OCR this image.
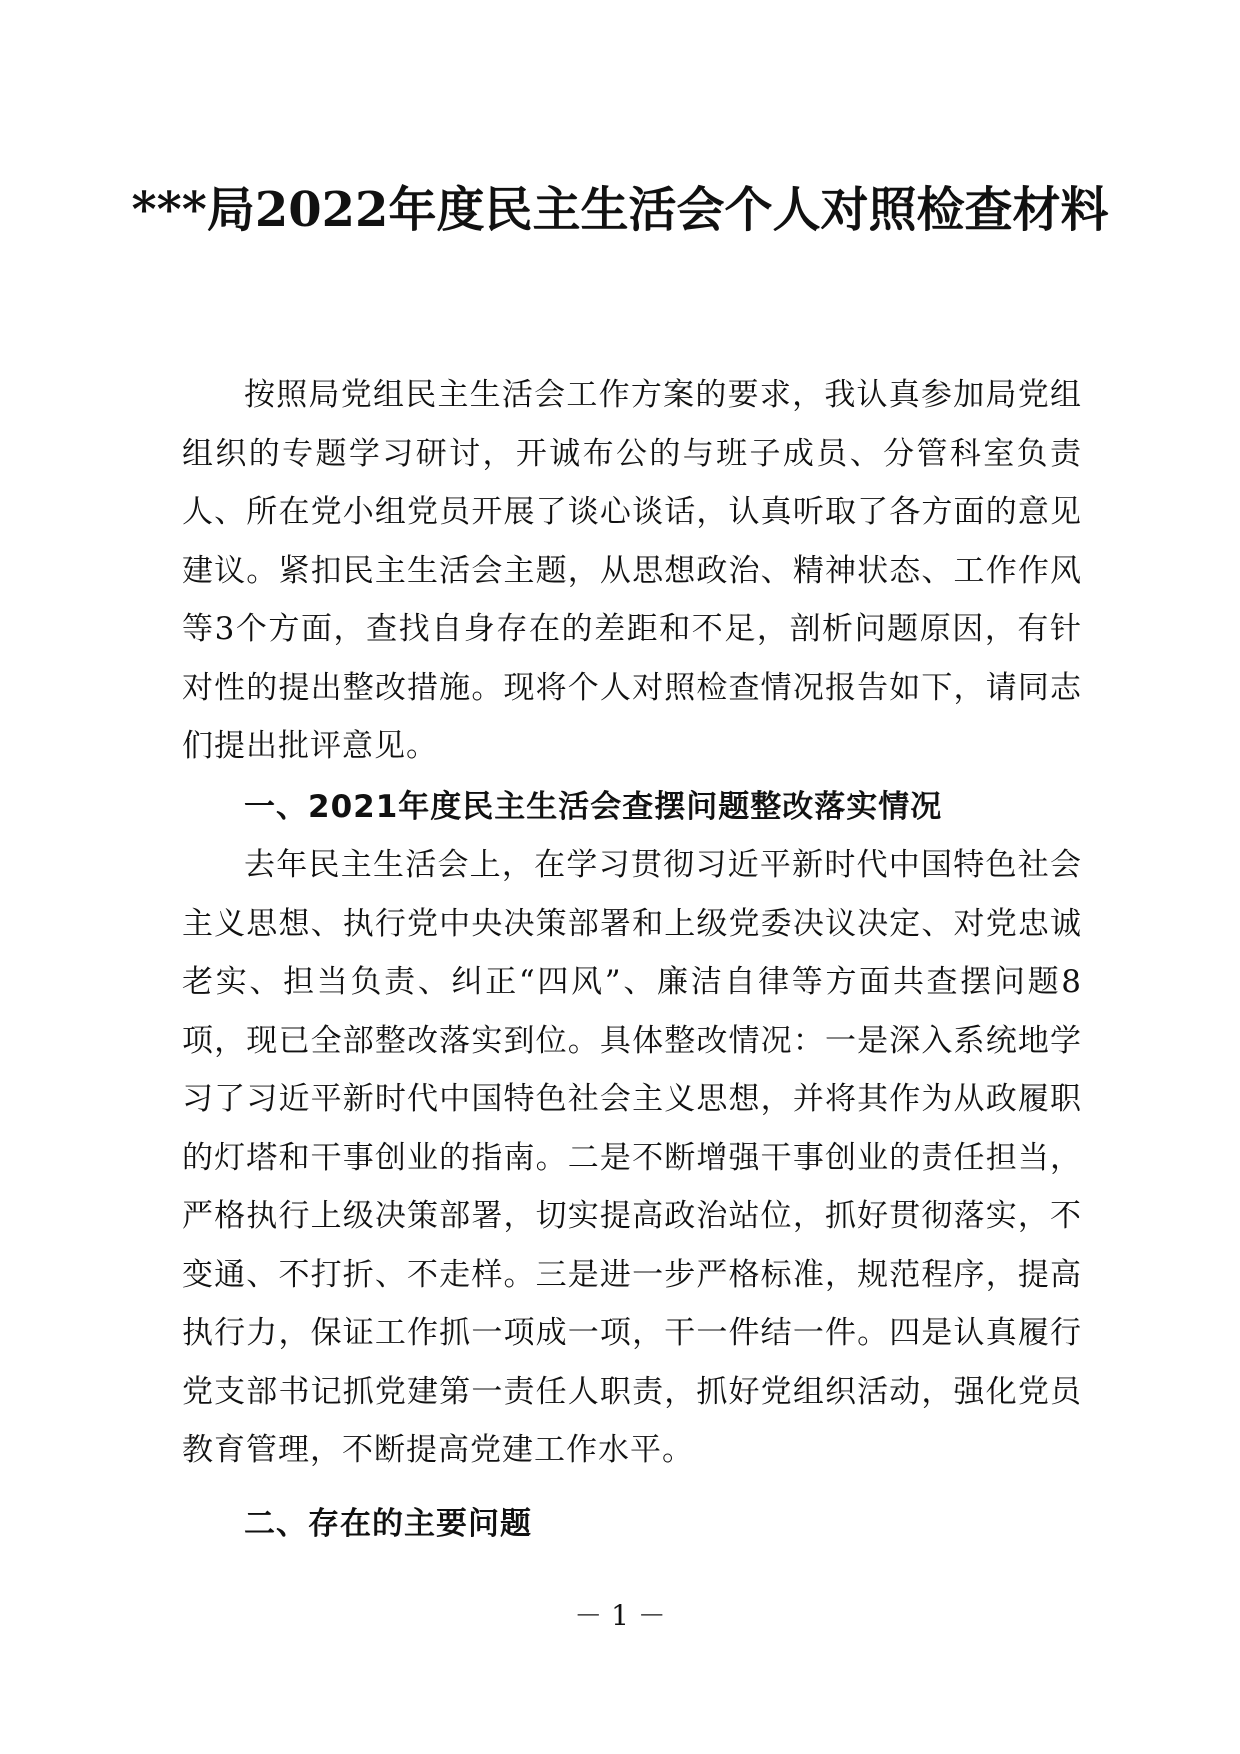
***局2022年度民主生活会个人对照检查材料

按照局党组民主生活会工作方案的要求，我认真参加局党组组织的专题学习研讨，开诚布公的与班子成员、分管科室负责人、所在党小组党员开展了谈心谈话，认真听取了各方面的意见建议。紧扣民主生活会主题，从思想政治、精神状态、工作作风等3个方面，查找自身存在的差距和不足，剖析问题原因，有针对性的提出整改措施。现将个人对照检查情况报告如下，请同志们提出批评意见。

一、2021年度民主生活会查摆问题整改落实情况

去年民主生活会上，在学习贯彻习近平新时代中国特色社会主义思想、执行党中央决策部署和上级党委决议决定、对党忠诚老实、担当负责、纠正“四风”、廉洁自律等方面共查摆问题8项，现已全部整改落实到位。具体整改情况：一是深入系统地学习了习近平新时代中国特色社会主义思想，并将其作为从政履职的灯塔和干事创业的指南。二是不断增强干事创业的责任担当，严格执行上级决策部署，切实提高政治站位，抓好贯彻落实，不变通、不打折、不走样。三是进一步严格标准，规范程序，提高执行力，保证工作抓一项成一项，干一件结一件。四是认真履行党支部书记抓党建第一责任人职责，抓好党组织活动，强化党员教育管理，不断提高党建工作水平。

二、存在的主要问题
－ 1 －
